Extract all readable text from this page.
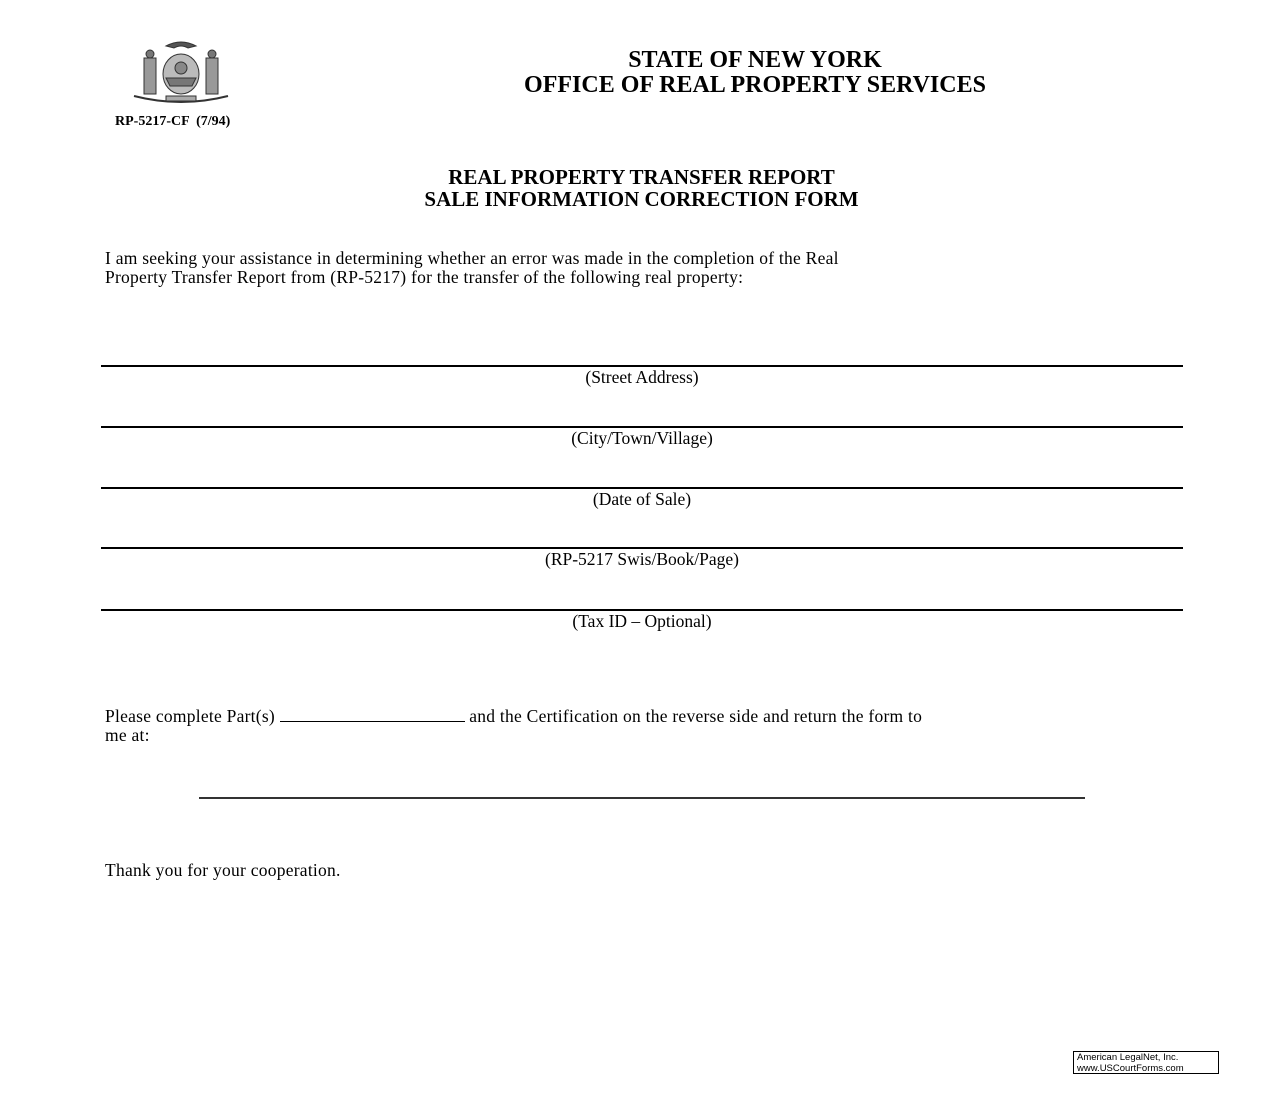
RP-5217-CF  (7/94)
STATE OF NEW YORK
OFFICE OF REAL PROPERTY SERVICES
REAL PROPERTY TRANSFER REPORT
SALE INFORMATION CORRECTION FORM
I am seeking your assistance in determining whether an error was made in the completion of the Real
Property Transfer Report from (RP-5217) for the transfer of the following real property:
(Street Address)
(City/Town/Village)
(Date of Sale)
(RP-5217 Swis/Book/Page)
(Tax ID – Optional)
Please complete Part(s)	and the Certification on the reverse side and return the form to
me at:
Thank you for your cooperation.
American LegalNet, Inc.
www.USCourtForms.com
